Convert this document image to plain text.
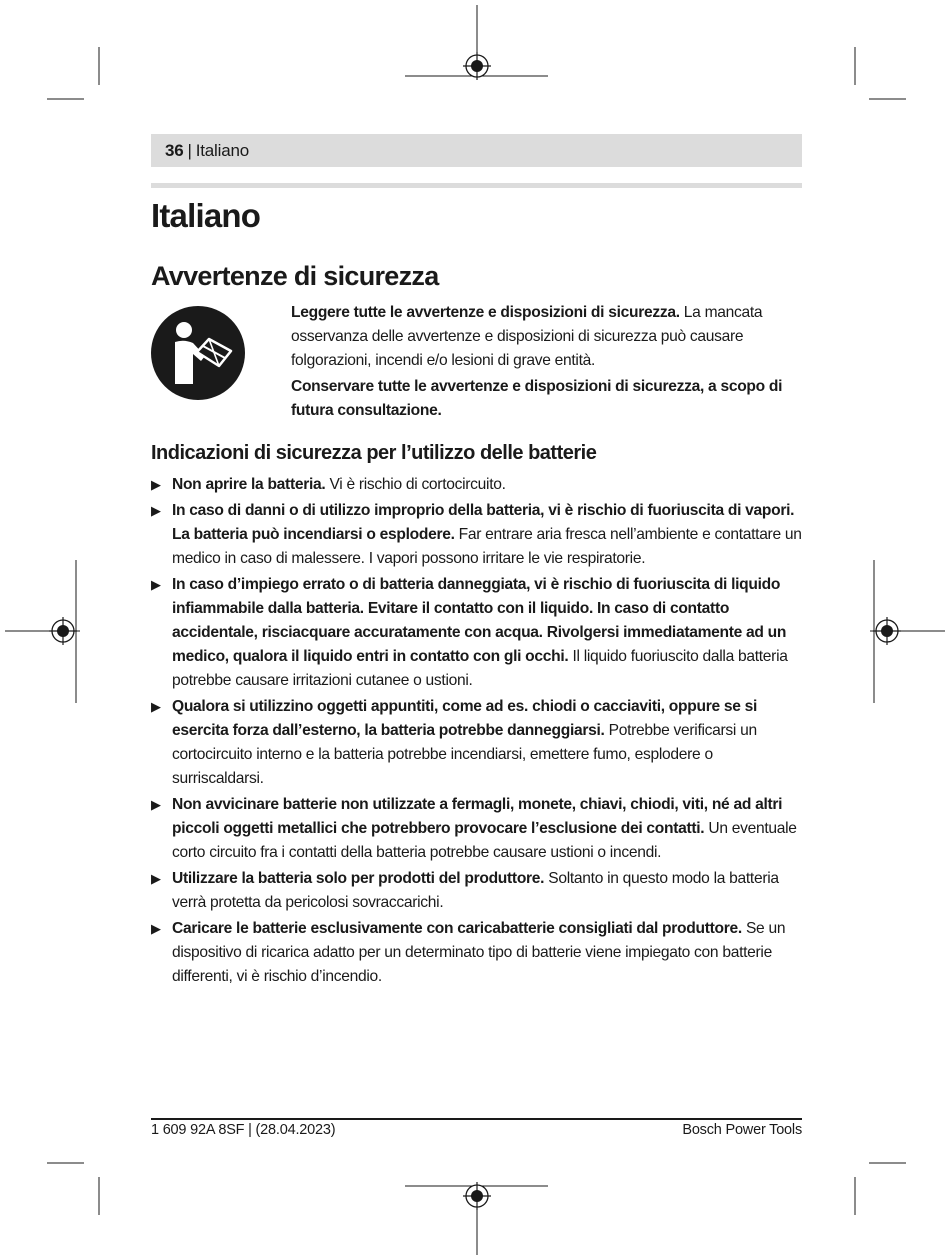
36 | Italiano
Italiano
Avvertenze di sicurezza

Leggere tutte le avvertenze e disposizioni di sicurezza. La mancata osservanza delle avvertenze e disposizioni di sicurezza può causare folgorazioni, incendi e/o lesioni di grave entità.

Conservare tutte le avvertenze e disposizioni di sicurezza, a scopo di futura consultazione.

Indicazioni di sicurezza per l’utilizzo delle batterie
▶ Non aprire la batteria. Vi è rischio di cortocircuito.
▶ In caso di danni o di utilizzo improprio della batteria, vi è rischio di fuoriuscita di vapori. La batteria può incendiarsi o esplodere. Far entrare aria fresca nell’ambiente e contattare un medico in caso di malessere. I vapori possono irritare le vie respiratorie.
▶ In caso d’impiego errato o di batteria danneggiata, vi è rischio di fuoriuscita di liquido infiammabile dalla batteria. Evitare il contatto con il liquido. In caso di contatto accidentale, risciacquare accuratamente con acqua. Rivolgersi immediatamente ad un medico, qualora il liquido entri in contatto con gli occhi. Il liquido fuoriuscito dalla batteria potrebbe causare irritazioni cutanee o ustioni.
▶ Qualora si utilizzino oggetti appuntiti, come ad es. chiodi o cacciaviti, oppure se si esercita forza dall’esterno, la batteria potrebbe danneggiarsi. Potrebbe verificarsi un cortocircuito interno e la batteria potrebbe incendiarsi, emettere fumo, esplodere o surriscaldarsi.
▶ Non avvicinare batterie non utilizzate a fermagli, monete, chiavi, chiodi, viti, né ad altri piccoli oggetti metallici che potrebbero provocare l’esclusione dei contatti. Un eventuale corto circuito fra i contatti della batteria potrebbe causare ustioni o incendi.
▶ Utilizzare la batteria solo per prodotti del produttore. Soltanto in questo modo la batteria verrà protetta da pericolosi sovraccarichi.
▶ Caricare le batterie esclusivamente con caricabatterie consigliati dal produttore. Se un dispositivo di ricarica adatto per un determinato tipo di batterie viene impiegato con batterie differenti, vi è rischio d’incendio.
1 609 92A 8SF | (28.04.2023)	Bosch Power Tools
